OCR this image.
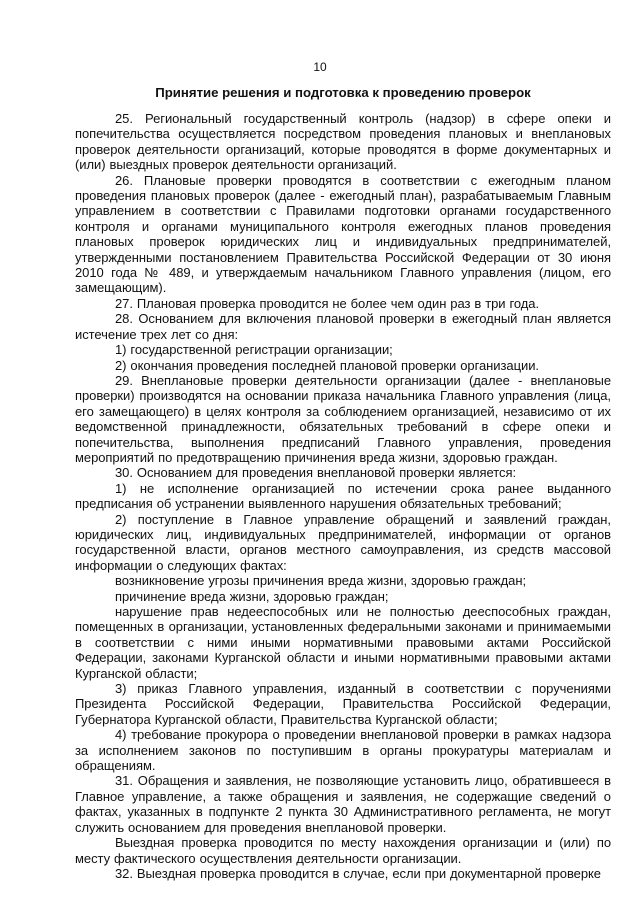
10
Принятие решения и подготовка к проведению проверок

25. Региональный государственный контроль (надзор) в сфере опеки и попечительства осуществляется посредством проведения плановых и внеплановых проверок деятельности организаций, которые проводятся в форме документарных и (или) выездных проверок деятельности организаций.

26. Плановые проверки проводятся в соответствии с ежегодным планом проведения плановых проверок (далее - ежегодный план), разрабатываемым Главным управлением в соответствии с Правилами подготовки органами государственного контроля и органами муниципального контроля ежегодных планов проведения плановых проверок юридических лиц и индивидуальных предпринимателей, утвержденными постановлением Правительства Российской Федерации от 30 июня 2010 года № 489, и утверждаемым начальником Главного управления (лицом, его замещающим).

27. Плановая проверка проводится не более чем один раз в три года.

28. Основанием для включения плановой проверки в ежегодный план является истечение трех лет со дня:

1) государственной регистрации организации;

2) окончания проведения последней плановой проверки организации.

29. Внеплановые проверки деятельности организации (далее - внеплановые проверки) производятся на основании приказа начальника Главного управления (лица, его замещающего) в целях контроля за соблюдением организацией, независимо от их ведомственной принадлежности, обязательных требований в сфере опеки и попечительства, выполнения предписаний Главного управления, проведения мероприятий по предотвращению причинения вреда жизни, здоровью граждан.

30. Основанием для проведения внеплановой проверки является:

1) не исполнение организацией по истечении срока ранее выданного предписания об устранении выявленного нарушения обязательных требований;

2) поступление в Главное управление обращений и заявлений граждан, юридических лиц, индивидуальных предпринимателей, информации от органов государственной власти, органов местного самоуправления, из средств массовой информации о следующих фактах:

возникновение угрозы причинения вреда жизни, здоровью граждан;

причинение вреда жизни, здоровью граждан;

нарушение прав недееспособных или не полностью дееспособных граждан, помещенных в организации, установленных федеральными законами и принимаемыми в соответствии с ними иными нормативными правовыми актами Российской Федерации, законами Курганской области и иными нормативными правовыми актами Курганской области;

3) приказ Главного управления, изданный в соответствии с поручениями Президента Российской Федерации, Правительства Российской Федерации, Губернатора Курганской области, Правительства Курганской области;

4) требование прокурора о проведении внеплановой проверки в рамках надзора за исполнением законов по поступившим в органы прокуратуры материалам и обращениям.

31. Обращения и заявления, не позволяющие установить лицо, обратившееся в Главное управление, а также обращения и заявления, не содержащие сведений о фактах, указанных в подпункте 2 пункта 30 Административного регламента, не могут служить основанием для проведения внеплановой проверки.

Выездная проверка проводится по месту нахождения организации и (или) по месту фактического осуществления деятельности организации.

32. Выездная проверка проводится в случае, если при документарной проверке
